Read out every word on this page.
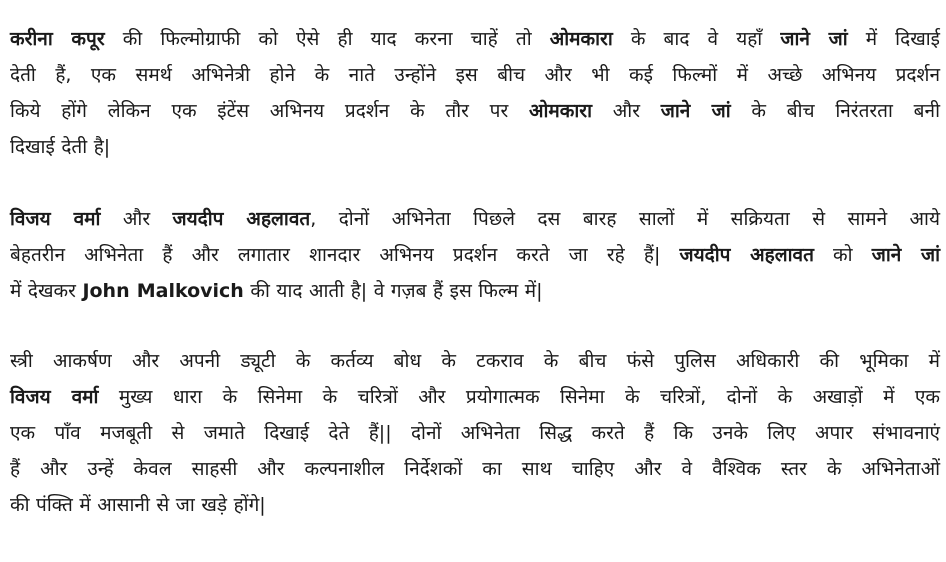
करीना कपूर की फिल्मोग्राफी को ऐसे ही याद करना चाहें तो ओमकारा के बाद वे यहाँ जाने जां में दिखाई
देती हैं, एक समर्थ अभिनेत्री होने के नाते उन्होंने इस बीच और भी कई फिल्मों में अच्छे अभिनय प्रदर्शन
किये होंगे लेकिन एक इंटेंस अभिनय प्रदर्शन के तौर पर ओमकारा और जाने जां के बीच निरंतरता बनी
दिखाई देती है|
विजय वर्मा और जयदीप अहलावत, दोनों अभिनेता पिछले दस बारह सालों में सक्रियता से सामने आये
बेहतरीन अभिनेता हैं और लगातार शानदार अभिनय प्रदर्शन करते जा रहे हैं| जयदीप अहलावत को जाने जां
में देखकर John Malkovich की याद आती है| वे गज़ब हैं इस फिल्म में|
स्त्री आकर्षण और अपनी ड्यूटी के कर्तव्य बोध के टकराव के बीच फंसे पुलिस अधिकारी की भूमिका में
विजय वर्मा मुख्य धारा के सिनेमा के चरित्रों और प्रयोगात्मक सिनेमा के चरित्रों, दोनों के अखाड़ों में एक
एक पाँव मजबूती से जमाते दिखाई देते हैं|| दोनों अभिनेता सिद्ध करते हैं कि उनके लिए अपार संभावनाएं
हैं और उन्हें केवल साहसी और कल्पनाशील निर्देशकों का साथ चाहिए और वे वैश्विक स्तर के अभिनेताओं
की पंक्ति में आसानी से जा खड़े होंगे|
